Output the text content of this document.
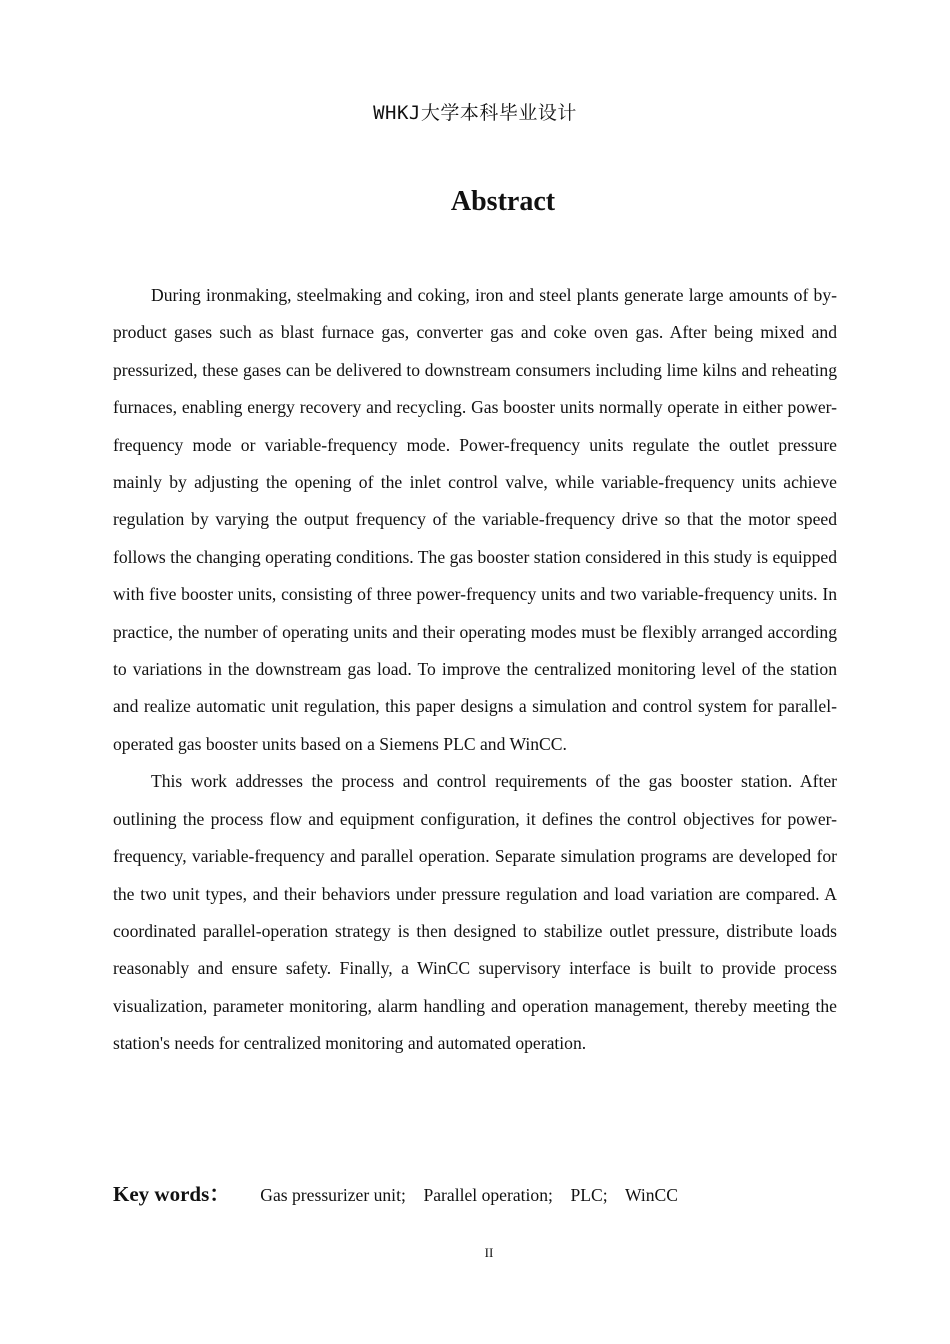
WHKJ大学本科毕业设计
Abstract

During ironmaking, steelmaking and coking, iron and steel plants generate large amounts of by-product gases such as blast furnace gas, converter gas and coke oven gas. After being mixed and pressurized, these gases can be delivered to downstream consumers including lime kilns and reheating furnaces, enabling energy recovery and recycling. Gas booster units normally operate in either power-frequency mode or variable-frequency mode. Power-frequency units regulate the outlet pressure mainly by adjusting the opening of the inlet control valve, while variable-frequency units achieve regulation by varying the output frequency of the variable-frequency drive so that the motor speed follows the changing operating conditions. The gas booster station considered in this study is equipped with five booster units, consisting of three power-frequency units and two variable-frequency units. In practice, the number of operating units and their operating modes must be flexibly arranged according to variations in the downstream gas load. To improve the centralized monitoring level of the station and realize automatic unit regulation, this paper designs a simulation and control system for parallel-operated gas booster units based on a Siemens PLC and WinCC.

This work addresses the process and control requirements of the gas booster station. After outlining the process flow and equipment configuration, it defines the control objectives for power-frequency, variable-frequency and parallel operation. Separate simulation programs are developed for the two unit types, and their behaviors under pressure regulation and load variation are compared. A coordinated parallel-operation strategy is then designed to stabilize outlet pressure, distribute loads reasonably and ensure safety. Finally, a WinCC supervisory interface is built to provide process visualization, parameter monitoring, alarm handling and operation management, thereby meeting the station's needs for centralized monitoring and automated operation.

Key words： Gas pressurizer unit; Parallel operation; PLC; WinCC
II
